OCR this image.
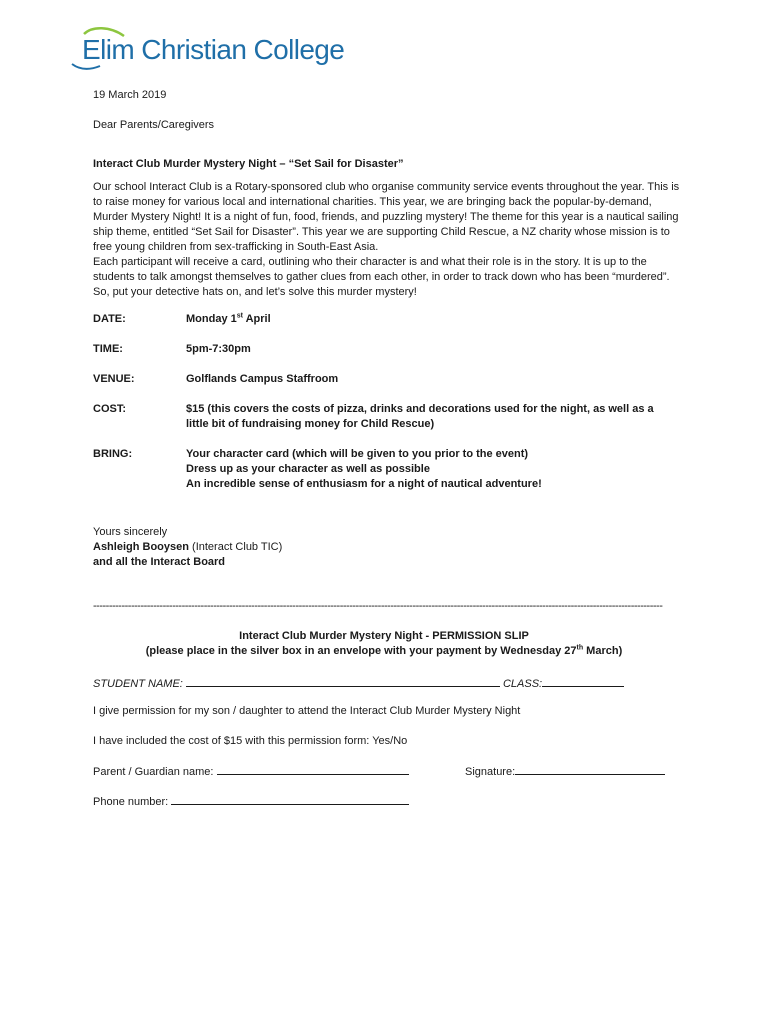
Elim Christian College

19 March 2019

Dear Parents/Caregivers

Interact Club Murder Mystery Night – “Set Sail for Disaster”

Our school Interact Club is a Rotary-sponsored club who organise community service events throughout the year. This is to raise money for various local and international charities. This year, we are bringing back the popular-by-demand, Murder Mystery Night! It is a night of fun, food, friends, and puzzling mystery! The theme for this year is a nautical sailing ship theme, entitled “Set Sail for Disaster”. This year we are supporting Child Rescue, a NZ charity whose mission is to free young children from sex-trafficking in South-East Asia.

Each participant will receive a card, outlining who their character is and what their role is in the story. It is up to the students to talk amongst themselves to gather clues from each other, in order to track down who has been “murdered”. So, put your detective hats on, and let’s solve this murder mystery!

DATE:	Monday 1st April
TIME:	5pm-7:30pm
VENUE:	Golflands Campus Staffroom
COST:	$15 (this covers the costs of pizza, drinks and decorations used for the night, as well as a
little bit of fundraising money for Child Rescue)
BRING:	Your character card (which will be given to you prior to the event)
Dress up as your character as well as possible
An incredible sense of enthusiasm for a night of nautical adventure!
Yours sincerely
Ashleigh Booysen (Interact Club TIC)
and all the Interact Board
------------------------------------------------------------------------------------------------------------------------------------------------------------------------------------
Interact Club Murder Mystery Night - PERMISSION SLIP
(please place in the silver box in an envelope with your payment by Wednesday 27th March)
STUDENT NAME:	CLASS:
I give permission for my son / daughter to attend the Interact Club Murder Mystery Night
I have included the cost of $15 with this permission form: Yes/No
Parent / Guardian name:	Signature:
Phone number:
